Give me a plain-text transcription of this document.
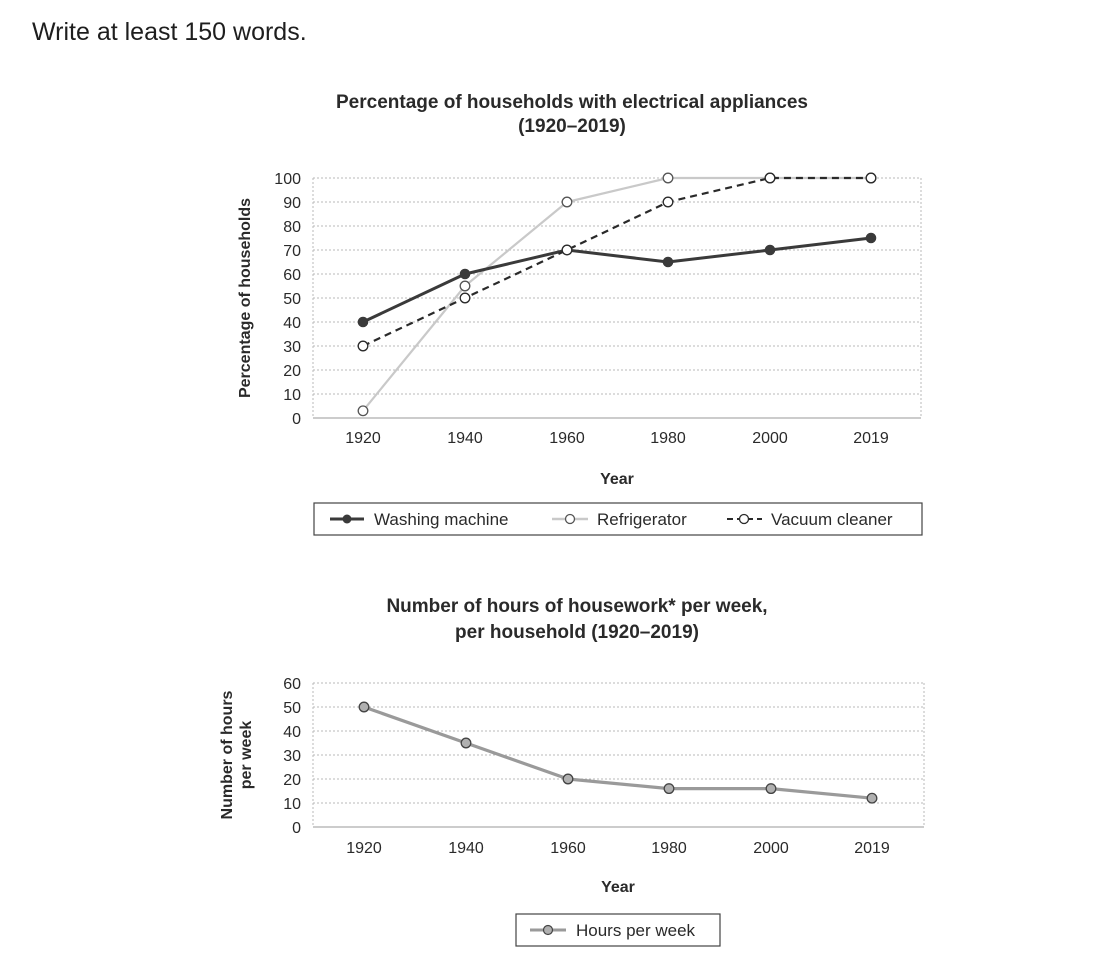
Write at least 150 words.
Percentage of households with electrical appliances
(1920–2019)
Percentage of households
Year
0
10
20
30
40
50
60
70
80
90
100
1920	1940	1960	1980	2000	2019
Washing machine	Refrigerator	Vacuum cleaner
Number of hours of housework* per week,
per household (1920–2019)
Number of hours per week
Year
0
10
20
30
40
50
60
1920	1940	1960	1980	2000	2019
Hours per week
